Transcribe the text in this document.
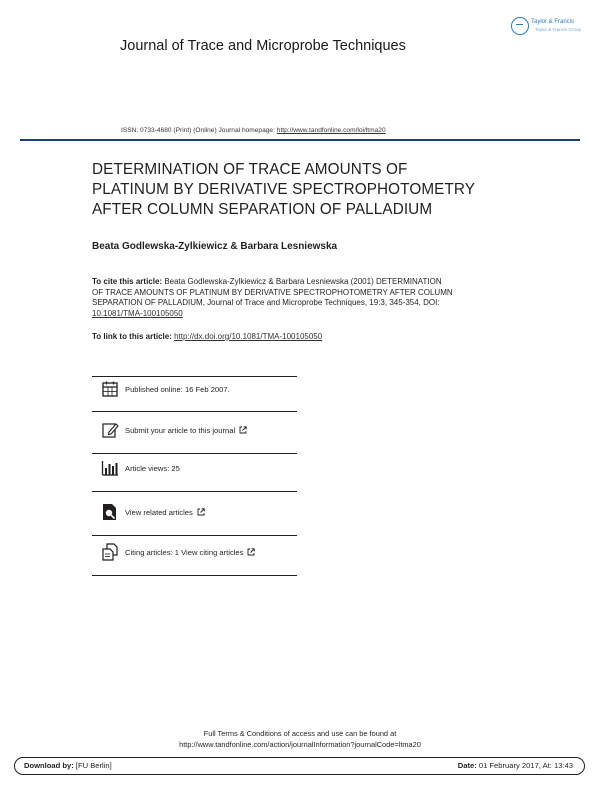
Journal of Trace and Microprobe Techniques
Taylor & Francis
Taylor & Francis Group
ISSN: 0733-4680 (Print) (Online) Journal homepage: http://www.tandfonline.com/loi/ltma20
DETERMINATION OF TRACE AMOUNTS OF
PLATINUM BY DERIVATIVE SPECTROPHOTOMETRY
AFTER COLUMN SEPARATION OF PALLADIUM
Beata Godlewska-Zylkiewicz & Barbara Lesniewska
To cite this article: Beata Godlewska-Zylkiewicz & Barbara Lesniewska (2001) DETERMINATION
OF TRACE AMOUNTS OF PLATINUM BY DERIVATIVE SPECTROPHOTOMETRY AFTER COLUMN
SEPARATION OF PALLADIUM, Journal of Trace and Microprobe Techniques, 19:3, 345-354, DOI:
10.1081/TMA-100105050
To link to this article: http://dx.doi.org/10.1081/TMA-100105050
Published online: 16 Feb 2007.
Submit your article to this journal
Article views: 25
View related articles
Citing articles: 1 View citing articles
Full Terms & Conditions of access and use can be found at
http://www.tandfonline.com/action/journalInformation?journalCode=ltma20
Download by: [FU Berlin]	Date: 01 February 2017, At: 13:43
